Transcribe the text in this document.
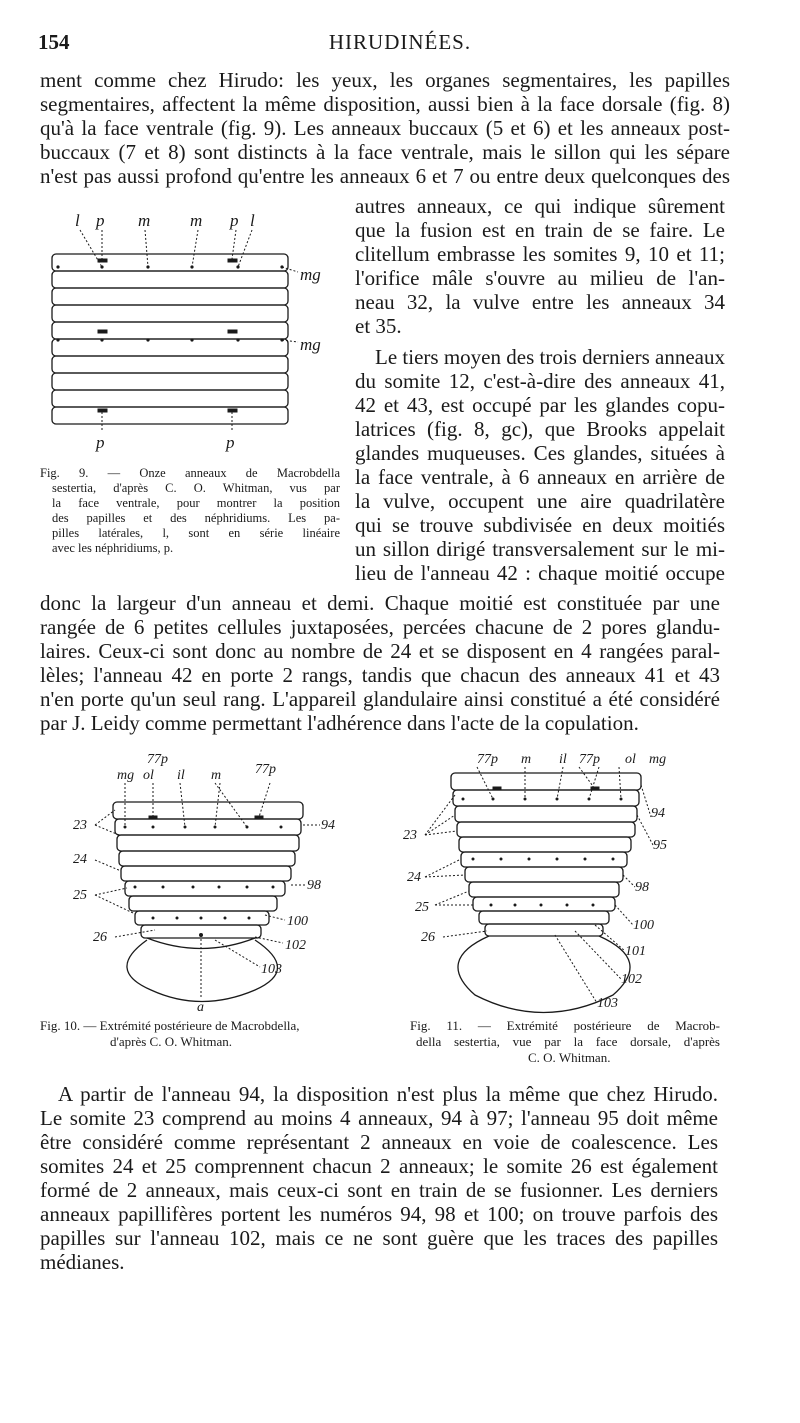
154	HIRUDINÉES.
ment comme chez Hirudo: les yeux, les organes segmentaires, les papilles
segmentaires, affectent la même disposition, aussi bien à la face dorsale (fig. 8)
qu'à la face ventrale (fig. 9). Les anneaux buccaux (5 et 6) et les anneaux post-
buccaux (7 et 8) sont distincts à la face ventrale, mais le sillon qui les sépare
n'est pas aussi profond qu'entre les anneaux 6 et 7 ou entre deux quelconques des
autres anneaux, ce qui indique sûrement
que la fusion est en train de se faire. Le
clitellum embrasse les somites 9, 10 et 11;
l'orifice mâle s'ouvre au milieu de l'an-
neau 32, la vulve entre les anneaux 34
et 35.
Le tiers moyen des trois derniers anneaux
du somite 12, c'est-à-dire des anneaux 41,
42 et 43, est occupé par les glandes copu-
latrices (fig. 8, gc), que Brooks appelait
glandes muqueuses. Ces glandes, situées à
la face ventrale, à 6 anneaux en arrière de
la vulve, occupent une aire quadrilatère
qui se trouve subdivisée en deux moitiés
un sillon dirigé transversalement sur le mi-
lieu de l'anneau 42 : chaque moitié occupe
l p m m p l
mg
mg
p	p
Fig. 9. — Onze anneaux de Macrobdella
sestertia, d'après C. O. Whitman, vus par
la face ventrale, pour montrer la position
des papilles et des néphridiums. Les pa-
pilles latérales, l, sont en série linéaire
avec les néphridiums, p.
donc la largeur d'un anneau et demi. Chaque moitié est constituée par une
rangée de 6 petites cellules juxtaposées, percées chacune de 2 pores glandu-
laires. Ceux-ci sont donc au nombre de 24 et se disposent en 4 rangées paral-
lèles; l'anneau 42 en porte 2 rangs, tandis que chacun des anneaux 41 et 43
n'en porte qu'un seul rang. L'appareil glandulaire ainsi constitué a été considéré
par J. Leidy comme permettant l'adhérence dans l'acte de la copulation.
mg ol il m
77p
77p
23
24
25
26
94
98
100
102
103
a
Fig. 10. — Extrémité postérieure de Macrobdella,
d'après C. O. Whitman.
77p m il 77p ol mg
23
24
25
26
94
95
98
100
101
102
103
Fig. 11. — Extrémité postérieure de Macrob-
della sestertia, vue par la face dorsale, d'après
C. O. Whitman.
A partir de l'anneau 94, la disposition n'est plus la même que chez Hirudo.
Le somite 23 comprend au moins 4 anneaux, 94 à 97; l'anneau 95 doit même
être considéré comme représentant 2 anneaux en voie de coalescence. Les
somites 24 et 25 comprennent chacun 2 anneaux; le somite 26 est également
formé de 2 anneaux, mais ceux-ci sont en train de se fusionner. Les derniers
anneaux papillifères portent les numéros 94, 98 et 100; on trouve parfois des
papilles sur l'anneau 102, mais ce ne sont guère que les traces des papilles
médianes.
